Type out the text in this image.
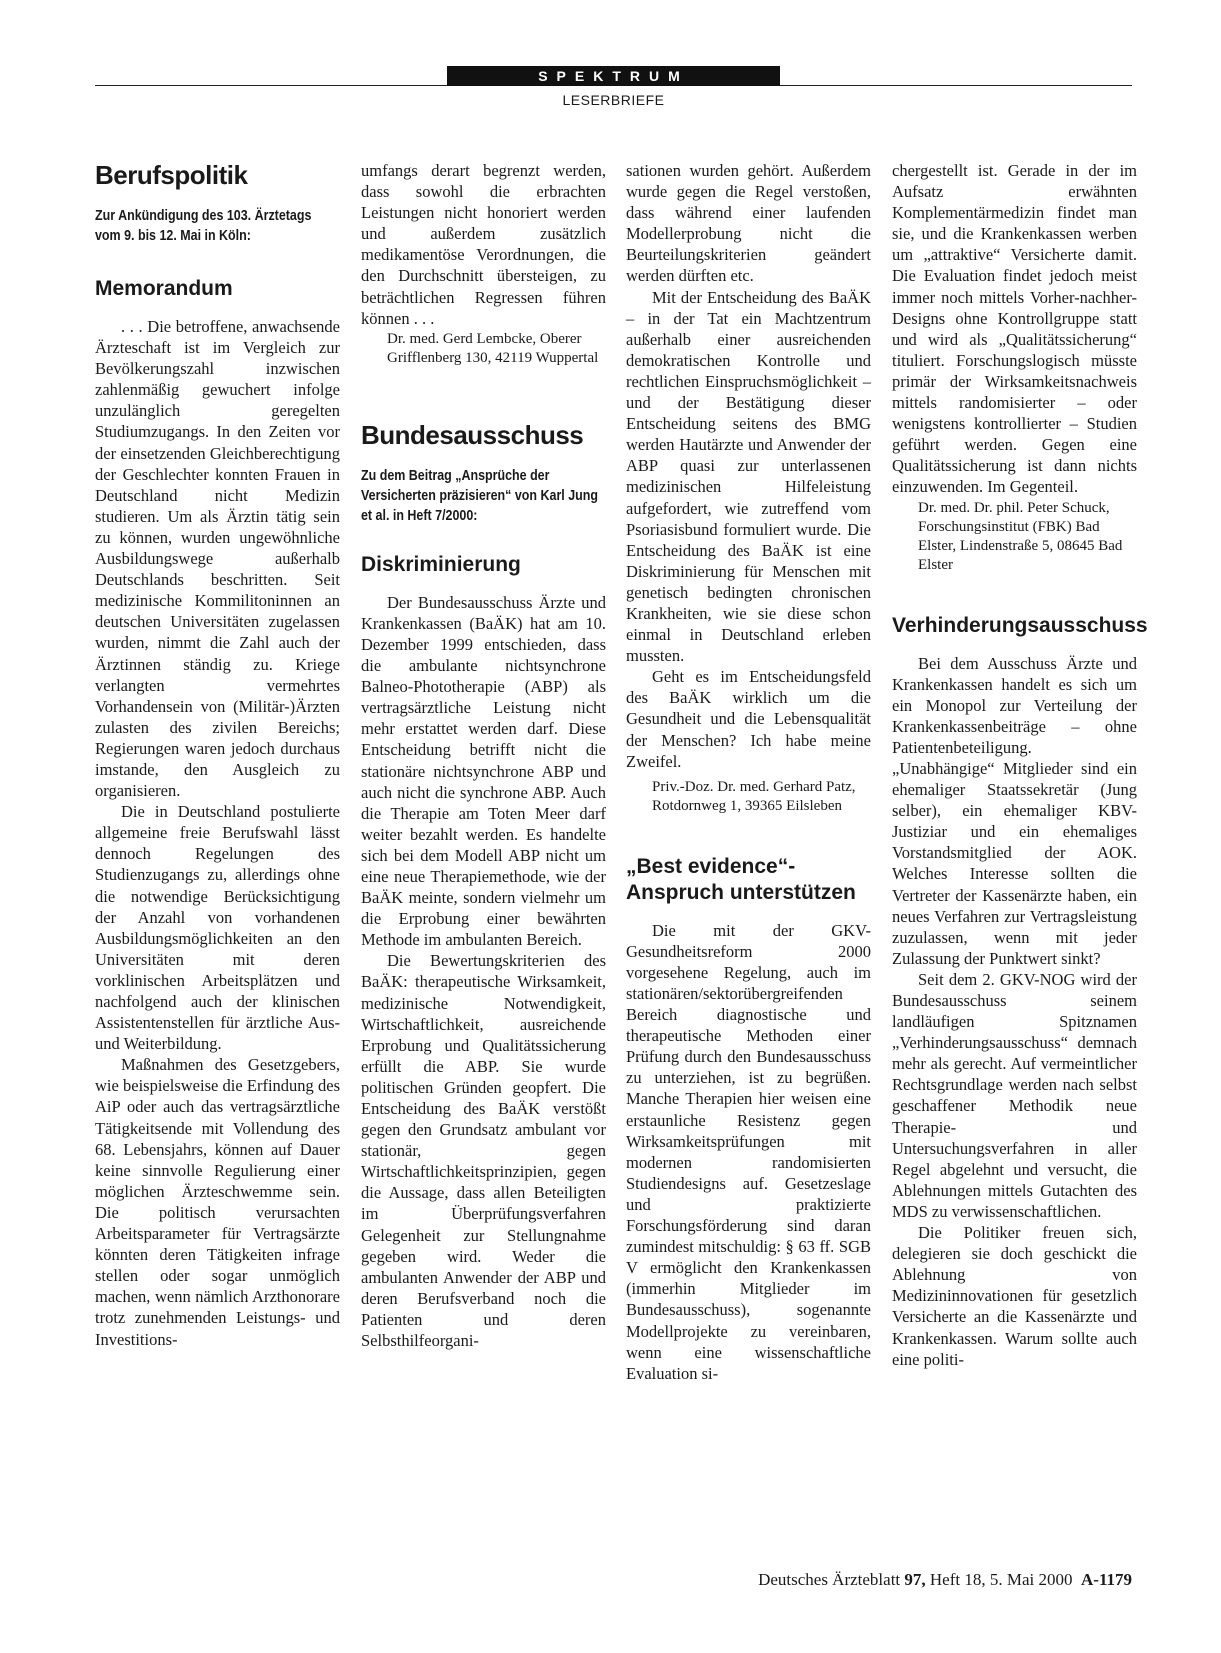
SPEKTRUM
LESERBRIEFE
Berufspolitik
Zur Ankündigung des 103. Ärztetags vom 9. bis 12. Mai in Köln:
Memorandum

. . . Die betroffene, anwachsende Ärzteschaft ist im Vergleich zur Bevölkerungszahl inzwischen zahlenmäßig gewuchert infolge unzulänglich geregelten Studiumzugangs. In den Zeiten vor der einsetzenden Gleichberechtigung der Geschlechter konnten Frauen in Deutschland nicht Medizin studieren. Um als Ärztin tätig sein zu können, wurden ungewöhnliche Ausbildungswege außerhalb Deutschlands beschritten. Seit medizinische Kommilitoninnen an deutschen Universitäten zugelassen wurden, nimmt die Zahl auch der Ärztinnen ständig zu. Kriege verlangten vermehrtes Vorhandensein von (Militär-)Ärzten zulasten des zivilen Bereichs; Regierungen waren jedoch durchaus imstande, den Ausgleich zu organisieren.

Die in Deutschland postulierte allgemeine freie Berufswahl lässt dennoch Regelungen des Studienzugangs zu, allerdings ohne die notwendige Berücksichtigung der Anzahl von vorhandenen Ausbildungsmöglichkeiten an den Universitäten mit deren vorklinischen Arbeitsplätzen und nachfolgend auch der klinischen Assistentenstellen für ärztliche Aus- und Weiterbildung.

Maßnahmen des Gesetzgebers, wie beispielsweise die Erfindung des AiP oder auch das vertragsärztliche Tätigkeitsende mit Vollendung des 68. Lebensjahrs, können auf Dauer keine sinnvolle Regulierung einer möglichen Ärzteschwemme sein. Die politisch verursachten Arbeitsparameter für Vertragsärzte könnten deren Tätigkeiten infrage stellen oder sogar unmöglich machen, wenn nämlich Arzthonorare trotz zunehmenden Leistungs- und Investitions-

umfangs derart begrenzt werden, dass sowohl die erbrachten Leistungen nicht honoriert werden und außerdem zusätzlich medikamentöse Verordnungen, die den Durchschnitt übersteigen, zu beträchtlichen Regressen führen können . . .

Dr. med. Gerd Lembcke, Oberer Grifflenberg 130, 42119 Wuppertal
Bundesausschuss
Zu dem Beitrag „Ansprüche der Versicherten präzisieren“ von Karl Jung et al. in Heft 7/2000:
Diskriminierung

Der Bundesausschuss Ärzte und Krankenkassen (BaÄK) hat am 10. Dezember 1999 entschieden, dass die ambulante nichtsynchrone Balneo-Phototherapie (ABP) als vertragsärztliche Leistung nicht mehr erstattet werden darf. Diese Entscheidung betrifft nicht die stationäre nichtsynchrone ABP und auch nicht die synchrone ABP. Auch die Therapie am Toten Meer darf weiter bezahlt werden. Es handelte sich bei dem Modell ABP nicht um eine neue Therapiemethode, wie der BaÄK meinte, sondern vielmehr um die Erprobung einer bewährten Methode im ambulanten Bereich.

Die Bewertungskriterien des BaÄK: therapeutische Wirksamkeit, medizinische Notwendigkeit, Wirtschaftlichkeit, ausreichende Erprobung und Qualitätssicherung erfüllt die ABP. Sie wurde politischen Gründen geopfert. Die Entscheidung des BaÄK verstößt gegen den Grundsatz ambulant vor stationär, gegen Wirtschaftlichkeitsprinzipien, gegen die Aussage, dass allen Beteiligten im Überprüfungsverfahren Gelegenheit zur Stellungnahme gegeben wird. Weder die ambulanten Anwender der ABP und deren Berufsverband noch die Patienten und deren Selbsthilfeorgani-

sationen wurden gehört. Außerdem wurde gegen die Regel verstoßen, dass während einer laufenden Modellerprobung nicht die Beurteilungskriterien geändert werden dürften etc.

Mit der Entscheidung des BaÄK – in der Tat ein Machtzentrum außerhalb einer ausreichenden demokratischen Kontrolle und rechtlichen Einspruchsmöglichkeit – und der Bestätigung dieser Entscheidung seitens des BMG werden Hautärzte und Anwender der ABP quasi zur unterlassenen medizinischen Hilfeleistung aufgefordert, wie zutreffend vom Psoriasisbund formuliert wurde. Die Entscheidung des BaÄK ist eine Diskriminierung für Menschen mit genetisch bedingten chronischen Krankheiten, wie sie diese schon einmal in Deutschland erleben mussten.

Geht es im Entscheidungsfeld des BaÄK wirklich um die Gesundheit und die Lebensqualität der Menschen? Ich habe meine Zweifel.

Priv.-Doz. Dr. med. Gerhard Patz, Rotdornweg 1, 39365 Eilsleben
„Best evidence“-Anspruch unterstützen

Die mit der GKV-Gesundheitsreform 2000 vorgesehene Regelung, auch im stationären/sektorübergreifenden Bereich diagnostische und therapeutische Methoden einer Prüfung durch den Bundesausschuss zu unterziehen, ist zu begrüßen. Manche Therapien hier weisen eine erstaunliche Resistenz gegen Wirksamkeitsprüfungen mit modernen randomisierten Studiendesigns auf. Gesetzeslage und praktizierte Forschungsförderung sind daran zumindest mitschuldig: § 63 ff. SGB V ermöglicht den Krankenkassen (immerhin Mitglieder im Bundesausschuss), sogenannte Modellprojekte zu vereinbaren, wenn eine wissenschaftliche Evaluation si-

chergestellt ist. Gerade in der im Aufsatz erwähnten Komplementärmedizin findet man sie, und die Krankenkassen werben um „attraktive“ Versicherte damit. Die Evaluation findet jedoch meist immer noch mittels Vorher-nachher-Designs ohne Kontrollgruppe statt und wird als „Qualitätssicherung“ tituliert. Forschungslogisch müsste primär der Wirksamkeitsnachweis mittels randomisierter – oder wenigstens kontrollierter – Studien geführt werden. Gegen eine Qualitätssicherung ist dann nichts einzuwenden. Im Gegenteil.

Dr. med. Dr. phil. Peter Schuck, Forschungsinstitut (FBK) Bad Elster, Lindenstraße 5, 08645 Bad Elster
Verhinderungsausschuss

Bei dem Ausschuss Ärzte und Krankenkassen handelt es sich um ein Monopol zur Verteilung der Krankenkassenbeiträge – ohne Patientenbeteiligung. „Unabhängige“ Mitglieder sind ein ehemaliger Staatssekretär (Jung selber), ein ehemaliger KBV-Justiziar und ein ehemaliges Vorstandsmitglied der AOK. Welches Interesse sollten die Vertreter der Kassenärzte haben, ein neues Verfahren zur Vertragsleistung zuzulassen, wenn mit jeder Zulassung der Punktwert sinkt?

Seit dem 2. GKV-NOG wird der Bundesausschuss seinem landläufigen Spitznamen „Verhinderungsausschuss“ demnach mehr als gerecht. Auf vermeintlicher Rechtsgrundlage werden nach selbst geschaffener Methodik neue Therapie- und Untersuchungsverfahren in aller Regel abgelehnt und versucht, die Ablehnungen mittels Gutachten des MDS zu verwissenschaftlichen.

Die Politiker freuen sich, delegieren sie doch geschickt die Ablehnung von Medizininnovationen für gesetzlich Versicherte an die Kassenärzte und Krankenkassen. Warum sollte auch eine politi-

Deutsches Ärzteblatt 97, Heft 18, 5. Mai 2000 A-1179
